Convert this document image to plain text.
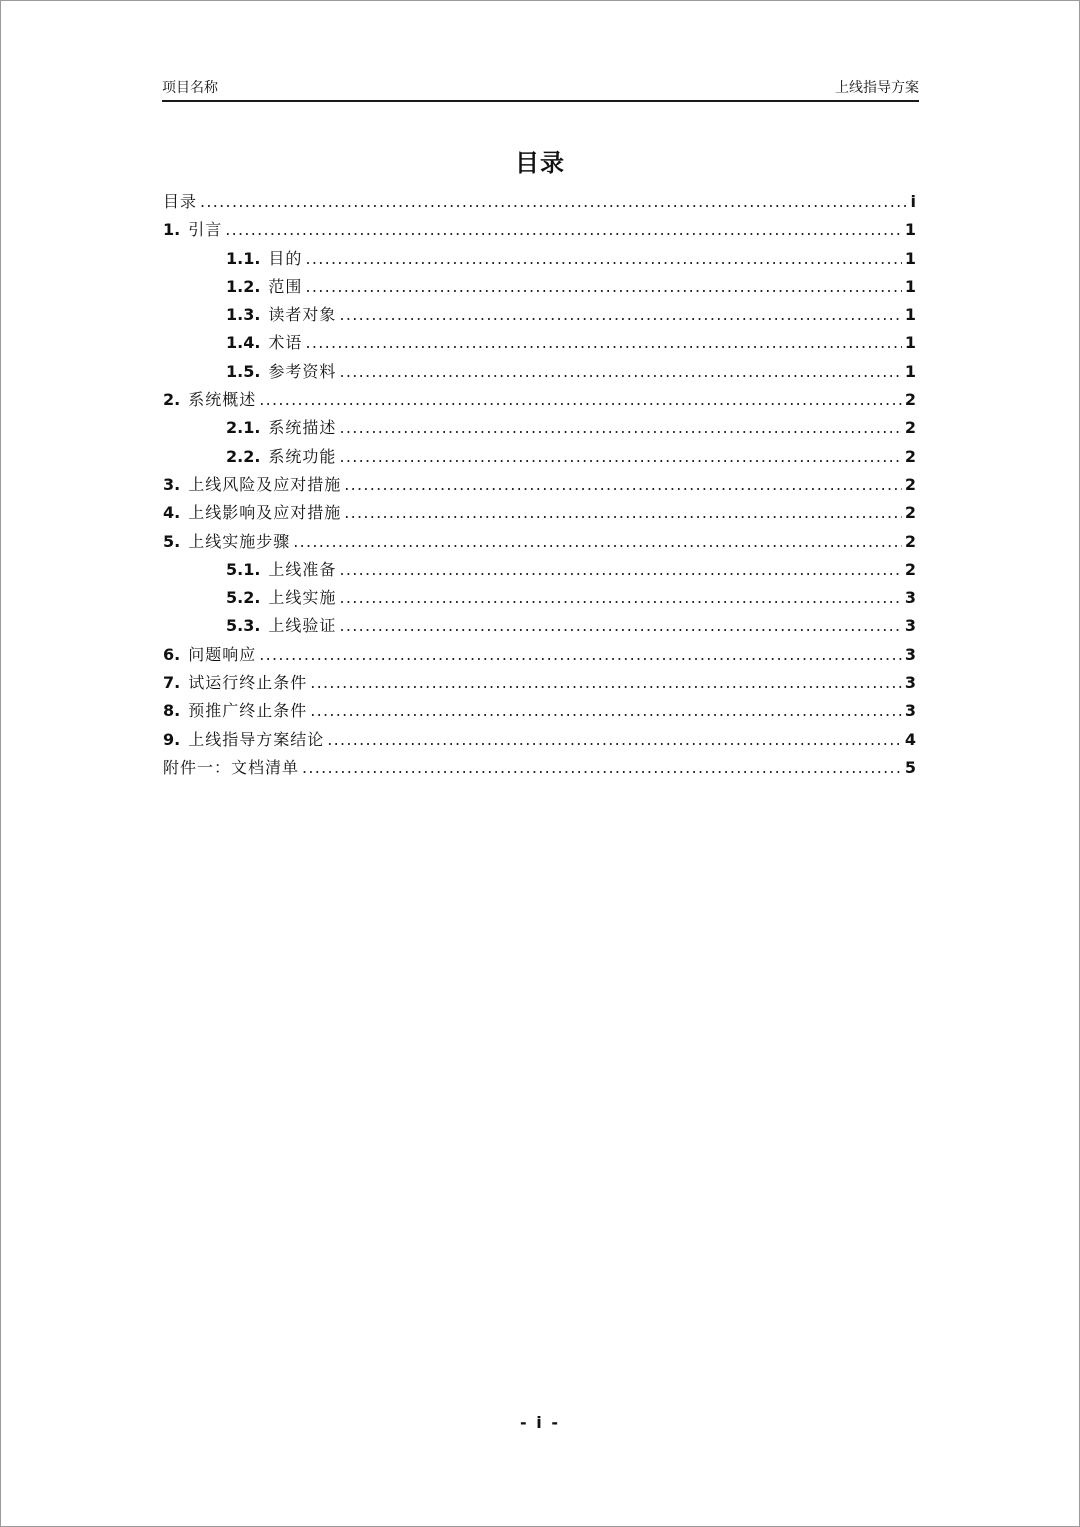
项目名称	上线指导方案
目录
目录 .....	i
1. 引言 .....	1
1.1. 目的 .....	1
1.2. 范围 .....	1
1.3. 读者对象 .....	1
1.4. 术语 .....	1
1.5. 参考资料 .....	1
2. 系统概述 .....	2
2.1. 系统描述 .....	2
2.2. 系统功能 .....	2
3. 上线风险及应对措施 .....	2
4. 上线影响及应对措施 .....	2
5. 上线实施步骤 .....	2
5.1. 上线准备 .....	2
5.2. 上线实施 .....	3
5.3. 上线验证 .....	3
6. 问题响应 .....	3
7. 试运行终止条件 .....	3
8. 预推广终止条件 .....	3
9. 上线指导方案结论 .....	4
附件一：文档清单 .....	5
- i -
